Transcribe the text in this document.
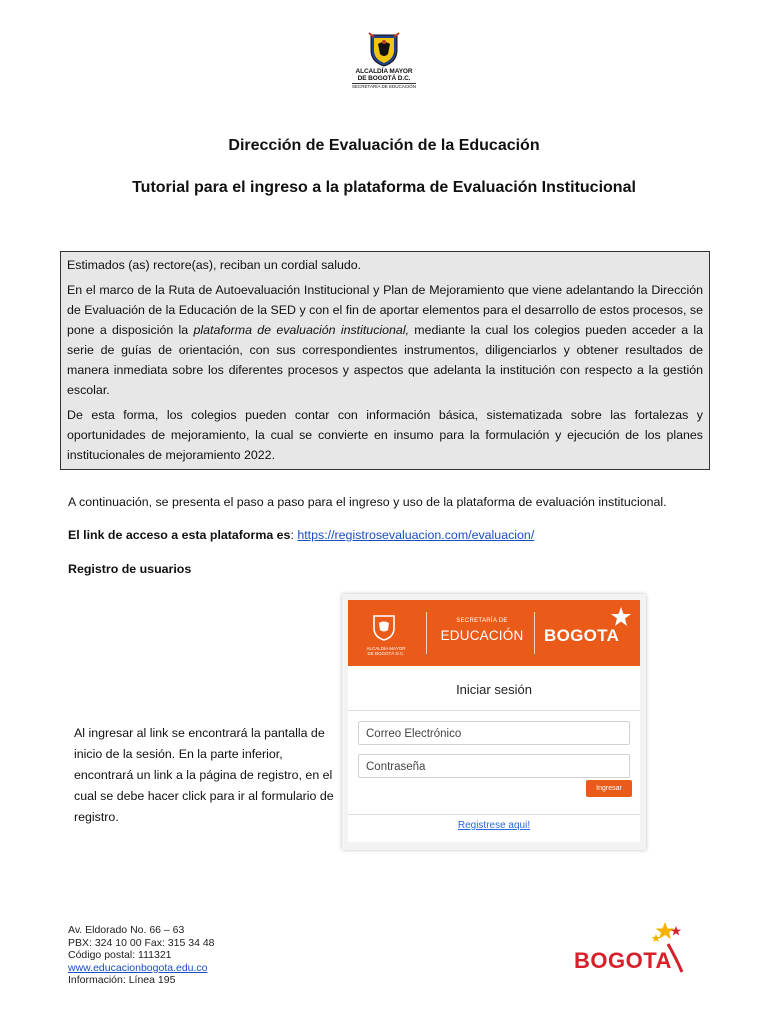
ALCALDÍA MAYOR
DE BOGOTÁ D.C.
SECRETARÍA DE EDUCACIÓN
Dirección de Evaluación de la Educación
Tutorial para el ingreso a la plataforma de Evaluación Institucional

Estimados (as) rectore(as), reciban un cordial saludo.

En el marco de la Ruta de Autoevaluación Institucional y Plan de Mejoramiento que viene adelantando la Dirección de Evaluación de la Educación de la SED y con el fin de aportar elementos para el desarrollo de estos procesos, se pone a disposición la plataforma de evaluación institucional, mediante la cual los colegios pueden acceder a la serie de guías de orientación, con sus correspondientes instrumentos, diligenciarlos y obtener resultados de manera inmediata sobre los diferentes procesos y aspectos que adelanta la institución con respecto a la gestión escolar.

De esta forma, los colegios pueden contar con información básica, sistematizada sobre las fortalezas y oportunidades de mejoramiento, la cual se convierte en insumo para la formulación y ejecución de los planes institucionales de mejoramiento 2022.

A continuación, se presenta el paso a paso para el ingreso y uso de la plataforma de evaluación institucional.
El link de acceso a esta plataforma es: https://registrosevaluacion.com/evaluacion/
Registro de usuarios
Al ingresar al link se encontrará la pantalla de inicio de la sesión. En la parte inferior, encontrará un link a la página de registro, en el cual se debe hacer click para ir al formulario de registro.
ALCALDÍA MAYOR
DE BOGOTÁ D.C.
SECRETARÍA DE
EDUCACIÓN	BOGOTA
Iniciar sesión
Correo Electrónico
Contraseña
Ingresar
Registrese aqui!
Av. Eldorado No. 66 – 63
PBX: 324 10 00 Fax: 315 34 48
Código postal: 111321
www.educacionbogota.edu.co
Información: Línea 195
BOGOTA
